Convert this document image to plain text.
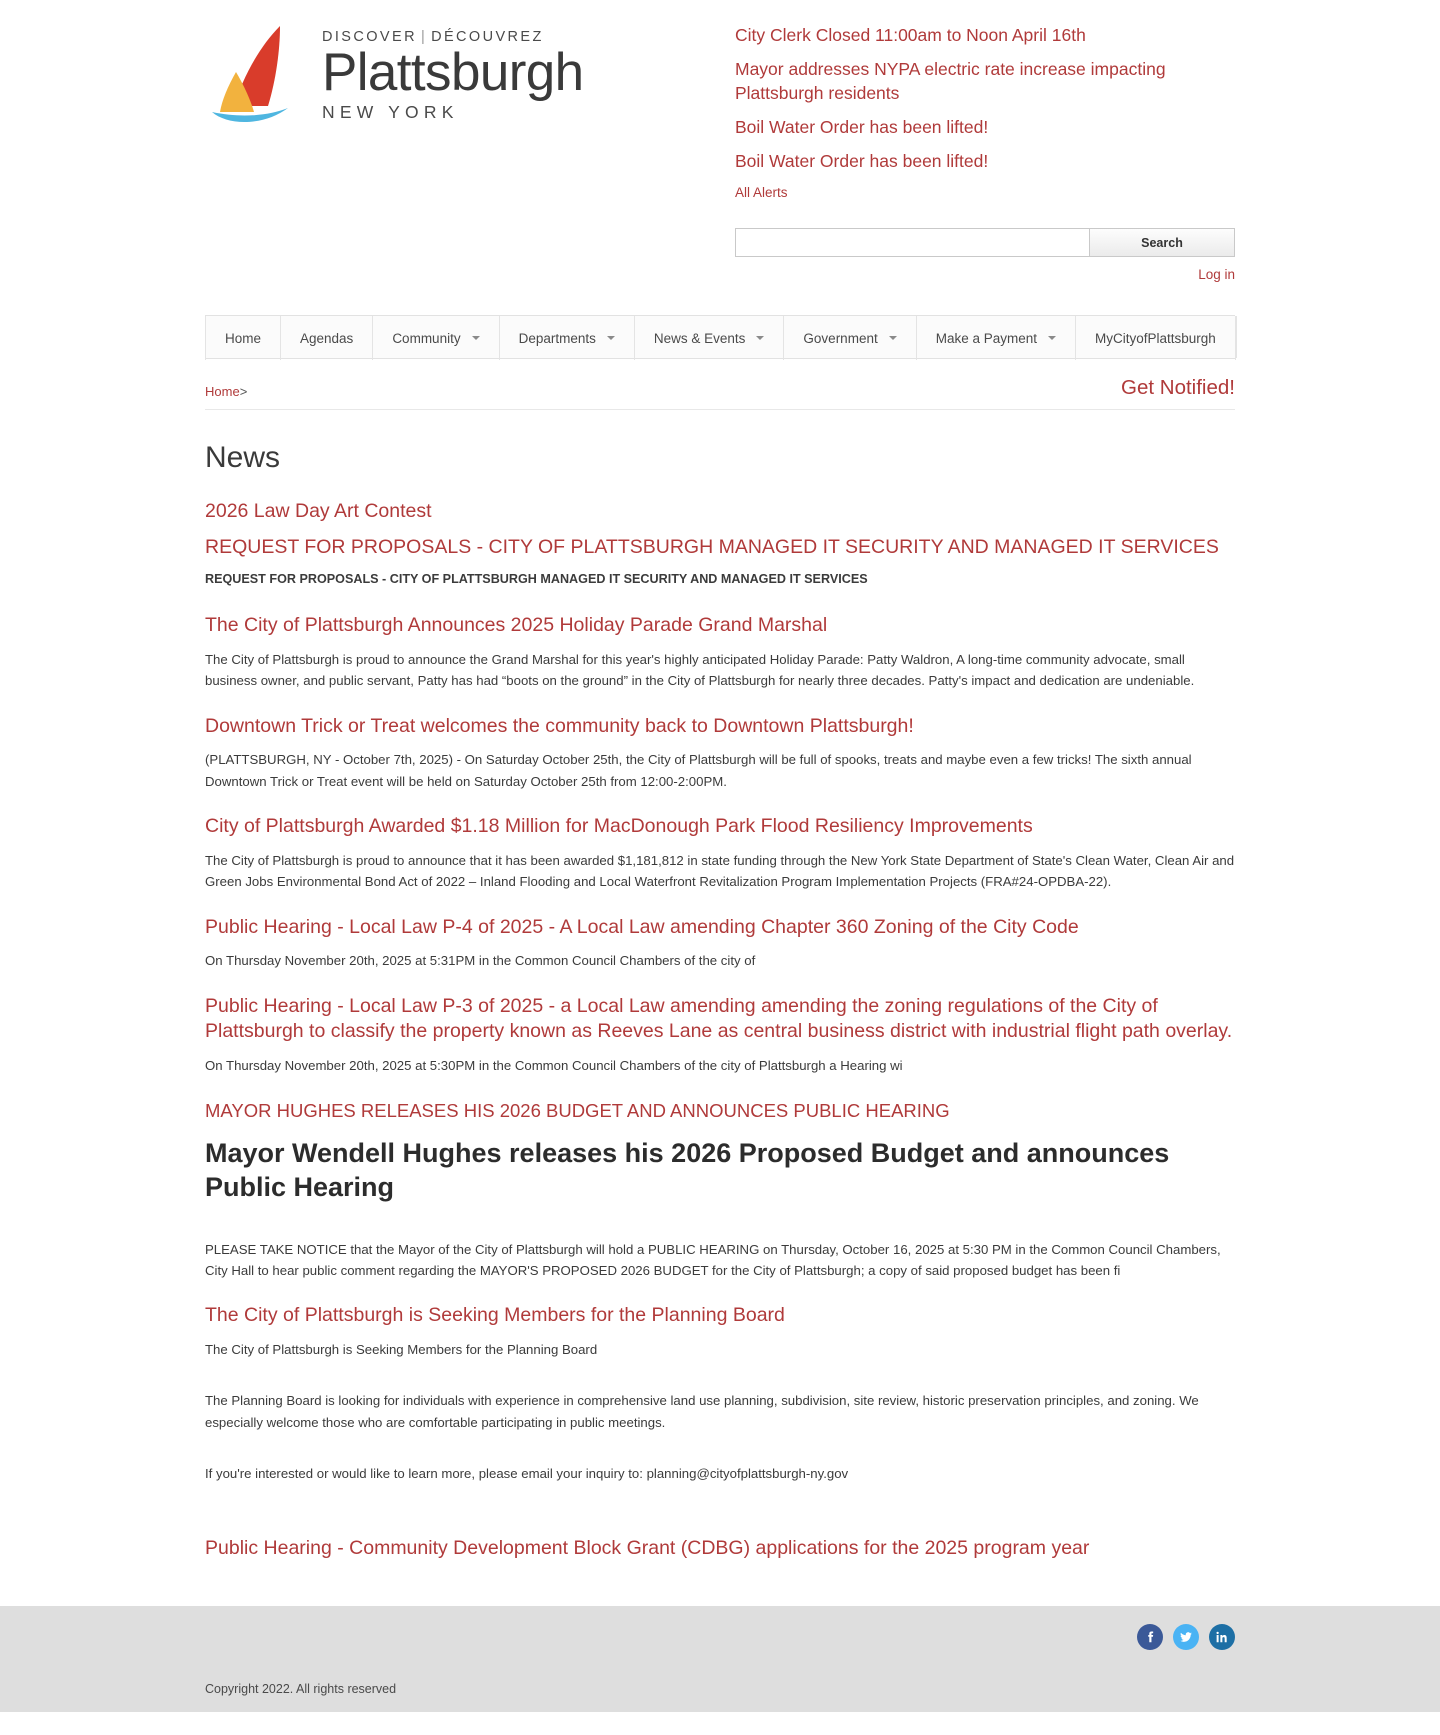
DISCOVER | DÉCOUVREZ
Plattsburgh
NEW YORK
City Clerk Closed 11:00am to Noon April 16th
Mayor addresses NYPA electric rate increase impacting Plattsburgh residents
Boil Water Order has been lifted!
Boil Water Order has been lifted!
All Alerts
Search
Log in
Home	Agendas	Community	Departments	News & Events	Government	Make a Payment	MyCityofPlattsburgh
Home>	Get Notified!
News
2026 Law Day Art Contest
REQUEST FOR PROPOSALS - CITY OF PLATTSBURGH MANAGED IT SECURITY AND MANAGED IT SERVICES

REQUEST FOR PROPOSALS - CITY OF PLATTSBURGH MANAGED IT SECURITY AND MANAGED IT SERVICES

The City of Plattsburgh Announces 2025 Holiday Parade Grand Marshal

The City of Plattsburgh is proud to announce the Grand Marshal for this year's highly anticipated Holiday Parade: Patty Waldron, A long-time community advocate, small business owner, and public servant, Patty has had “boots on the ground” in the City of Plattsburgh for nearly three decades. Patty's impact and dedication are undeniable.

Downtown Trick or Treat welcomes the community back to Downtown Plattsburgh!

(PLATTSBURGH, NY - October 7th, 2025) - On Saturday October 25th, the City of Plattsburgh will be full of spooks, treats and maybe even a few tricks! The sixth annual Downtown Trick or Treat event will be held on Saturday October 25th from 12:00-2:00PM.

City of Plattsburgh Awarded $1.18 Million for MacDonough Park Flood Resiliency Improvements

The City of Plattsburgh is proud to announce that it has been awarded $1,181,812 in state funding through the New York State Department of State's Clean Water, Clean Air and Green Jobs Environmental Bond Act of 2022 – Inland Flooding and Local Waterfront Revitalization Program Implementation Projects (FRA#24-OPDBA-22).

Public Hearing - Local Law P-4 of 2025 - A Local Law amending Chapter 360 Zoning of the City Code

On Thursday November 20th, 2025 at 5:31PM in the Common Council Chambers of the city of

Public Hearing - Local Law P-3 of 2025 - a Local Law amending amending the zoning regulations of the City of Plattsburgh to classify the property known as Reeves Lane as central business district with industrial flight path overlay.

On Thursday November 20th, 2025 at 5:30PM in the Common Council Chambers of the city of Plattsburgh a Hearing wi

MAYOR HUGHES RELEASES HIS 2026 BUDGET AND ANNOUNCES PUBLIC HEARING
Mayor Wendell Hughes releases his 2026 Proposed Budget and announces Public Hearing

PLEASE TAKE NOTICE that the Mayor of the City of Plattsburgh will hold a PUBLIC HEARING on Thursday, October 16, 2025 at 5:30 PM in the Common Council Chambers, City Hall to hear public comment regarding the MAYOR'S PROPOSED 2026 BUDGET for the City of Plattsburgh; a copy of said proposed budget has been fi

The City of Plattsburgh is Seeking Members for the Planning Board

The City of Plattsburgh is Seeking Members for the Planning Board

The Planning Board is looking for individuals with experience in comprehensive land use planning, subdivision, site review, historic preservation principles, and zoning. We especially welcome those who are comfortable participating in public meetings.

If you're interested or would like to learn more, please email your inquiry to: planning@cityofplattsburgh-ny.gov

Public Hearing - Community Development Block Grant (CDBG) applications for the 2025 program year

Copyright 2022. All rights reserved
